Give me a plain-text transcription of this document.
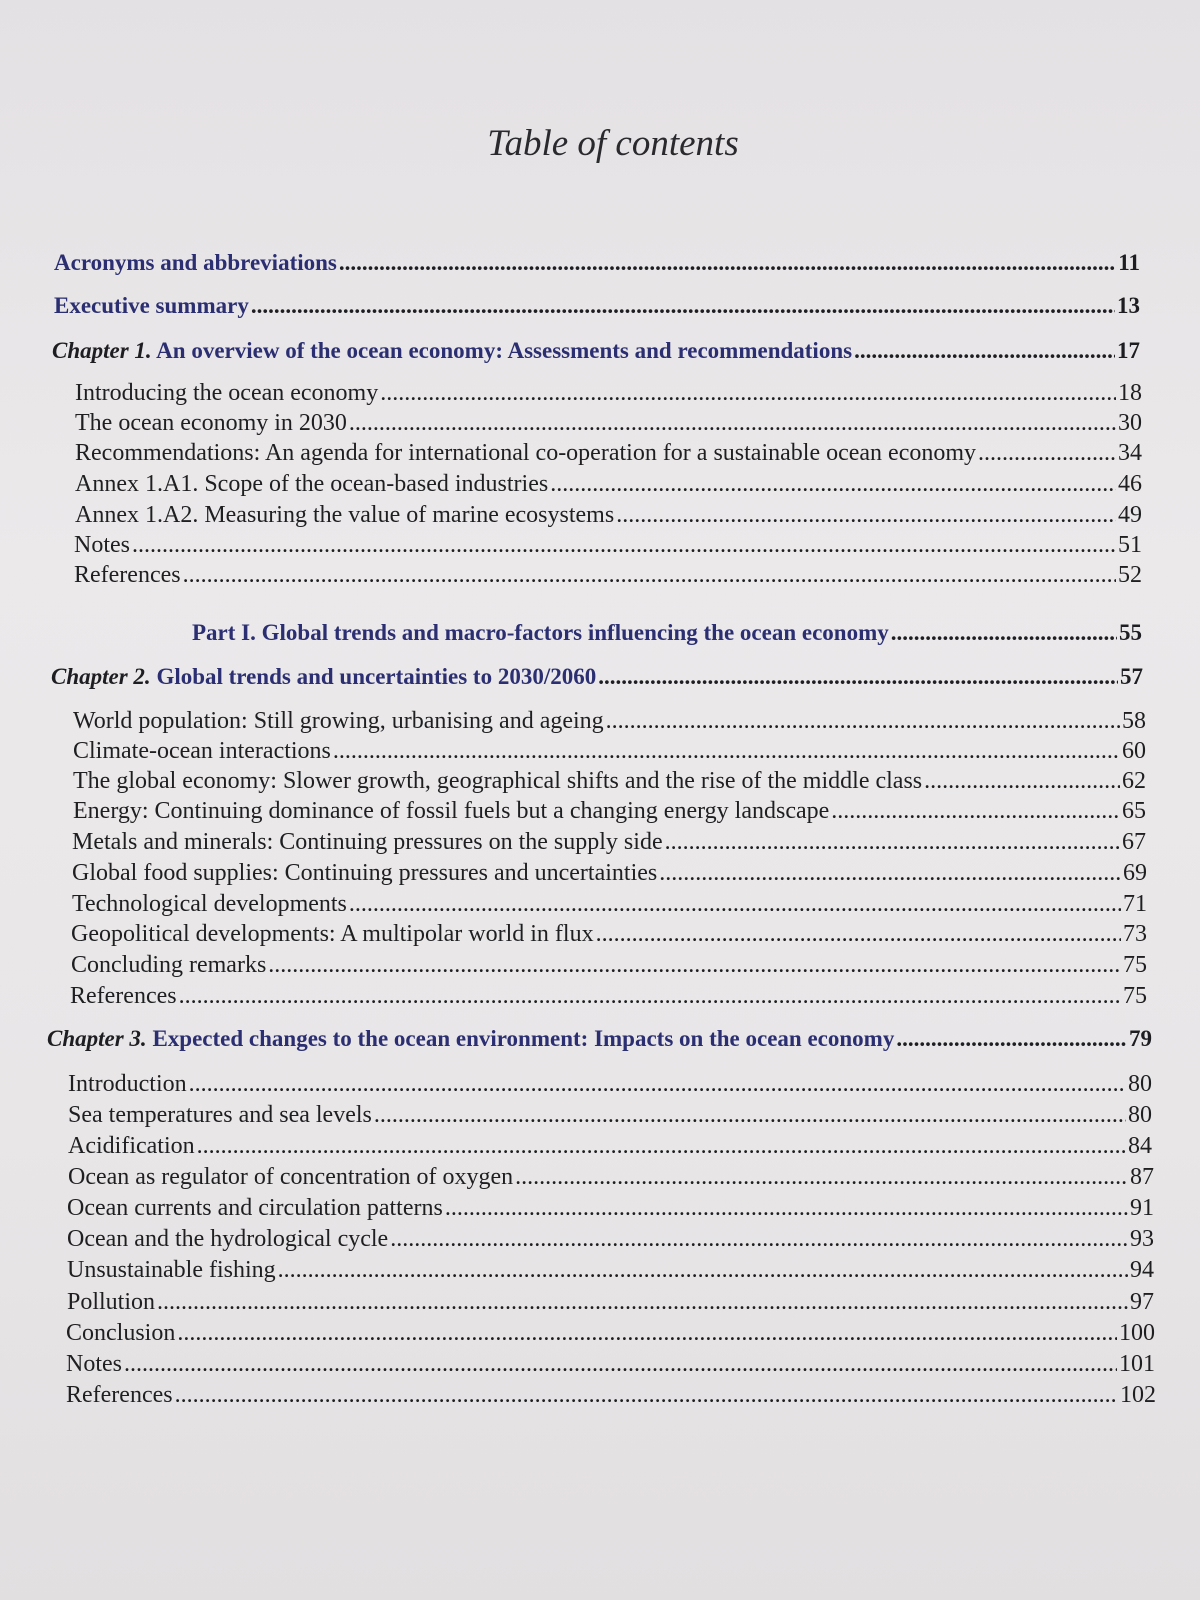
Table of contents
Acronyms and abbreviations .....	11
Executive summary .....	13
Chapter 1. An overview of the ocean economy: Assessments and recommendations .....	17
Introducing the ocean economy .....	18
The ocean economy in 2030 .....	30
Recommendations: An agenda for international co-operation for a sustainable ocean economy .....	34
Annex 1.A1. Scope of the ocean-based industries .....	46
Annex 1.A2. Measuring the value of marine ecosystems .....	49
Notes .....	51
References .....	52
Part I. Global trends and macro-factors influencing the ocean economy .....	55
Chapter 2. Global trends and uncertainties to 2030/2060 .....	57
World population: Still growing, urbanising and ageing .....	58
Climate-ocean interactions .....	60
The global economy: Slower growth, geographical shifts and the rise of the middle class .....	62
Energy: Continuing dominance of fossil fuels but a changing energy landscape .....	65
Metals and minerals: Continuing pressures on the supply side .....	67
Global food supplies: Continuing pressures and uncertainties .....	69
Technological developments .....	71
Geopolitical developments: A multipolar world in flux .....	73
Concluding remarks .....	75
References .....	75
Chapter 3. Expected changes to the ocean environment: Impacts on the ocean economy .....	79
Introduction .....	80
Sea temperatures and sea levels .....	80
Acidification .....	84
Ocean as regulator of concentration of oxygen .....	87
Ocean currents and circulation patterns .....	91
Ocean and the hydrological cycle .....	93
Unsustainable fishing .....	94
Pollution .....	97
Conclusion .....	100
Notes .....	101
References .....	102
